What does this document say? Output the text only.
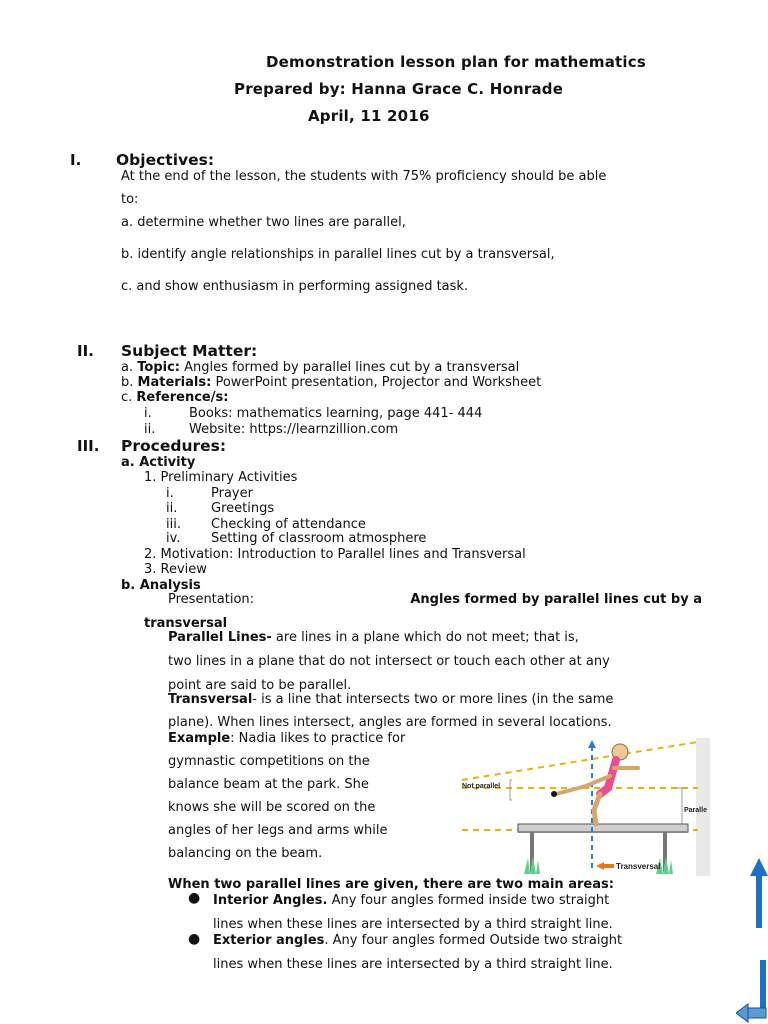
Demonstration lesson plan for mathematics
Prepared by: Hanna Grace C. Honrade
April, 11 2016
I. Objectives:
At the end of the lesson, the students with 75% proficiency should be able
to:
a. determine whether two lines are parallel,
b. identify angle relationships in parallel lines cut by a transversal,
c. and show enthusiasm in performing assigned task.
II. Subject Matter:
a. Topic: Angles formed by parallel lines cut by a transversal
b. Materials: PowerPoint presentation, Projector and Worksheet
c. Reference/s:
i.	Books: mathematics learning, page 441- 444
ii.	Website: https://learnzillion.com
III. Procedures:
a. Activity
1. Preliminary Activities
i.	Prayer
ii.	Greetings
iii. Checking of attendance
iv. Setting of classroom atmosphere
2. Motivation: Introduction to Parallel lines and Transversal
3. Review
b. Analysis
Presentation:	Angles formed by parallel lines cut by a
transversal
Parallel Lines- are lines in a plane which do not meet; that is,
two lines in a plane that do not intersect or touch each other at any
point are said to be parallel.
Transversal- is a line that intersects two or more lines (in the same
plane). When lines intersect, angles are formed in several locations.
Example: Nadia likes to practice for
gymnastic competitions on the
balance beam at the park. She
knows she will be scored on the
angles of her legs and arms while
balancing on the beam.
Not parallel
Paralle
Transversal
When two parallel lines are given, there are two main areas:
● Interior Angles. Any four angles formed inside two straight
lines when these lines are intersected by a third straight line.
● Exterior angles. Any four angles formed Outside two straight
lines when these lines are intersected by a third straight line.
